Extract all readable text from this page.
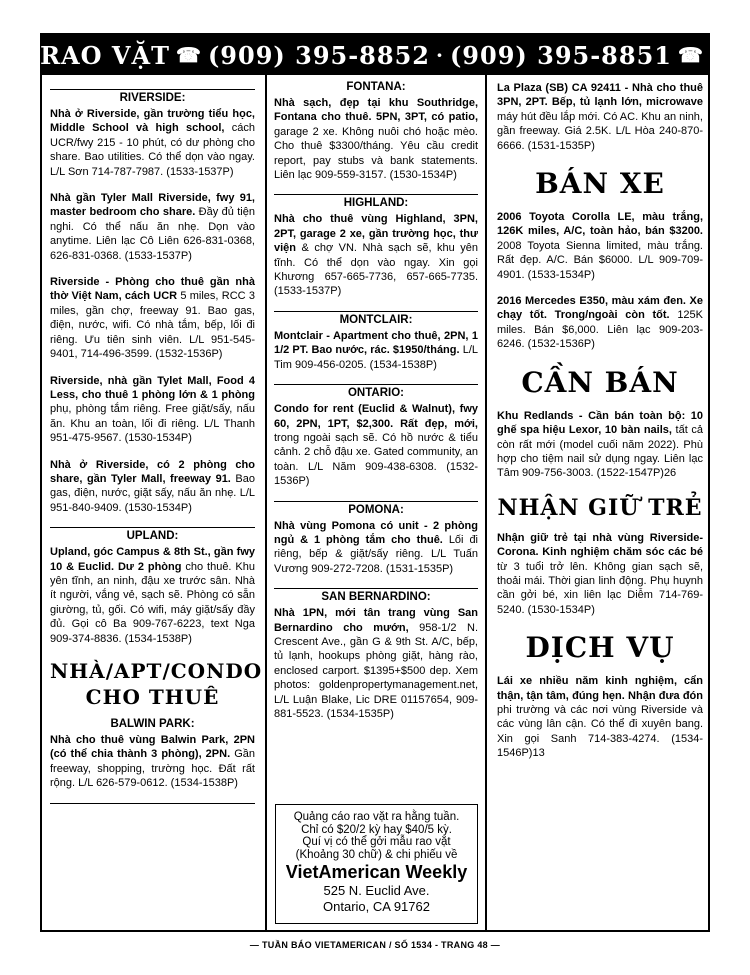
RAO VẶT ☎ (909) 395-8852 · (909) 395-8851 ☎
RIVERSIDE:

Nhà ở Riverside, gần trường tiểu học, Middle School và high school, cách UCR/fwy 215 - 10 phút, có dư phòng cho share. Bao utilities. Có thể dọn vào ngay. L/L Sơn 714-787-7987. (1533-1537P)

Nhà gần Tyler Mall Riverside, fwy 91, master bedroom cho share. Đầy đủ tiện nghi. Có thể nấu ăn nhẹ. Dọn vào anytime. Liên lạc Cô Liên 626-831-0368, 626-831-0368. (1533-1537P)

Riverside - Phòng cho thuê gần nhà thờ Việt Nam, cách UCR 5 miles, RCC 3 miles, gần chợ, freeway 91. Bao gas, điện, nước, wifi. Có nhà tắm, bếp, lối đi riêng. Ưu tiên sinh viên. L/L 951-545-9401, 714-496-3599. (1532-1536P)

Riverside, nhà gần Tylet Mall, Food 4 Less, cho thuê 1 phòng lớn & 1 phòng phụ, phòng tắm riêng. Free giặt/sấy, nấu ăn. Khu an toàn, lối đi riêng. L/L Thanh 951-475-9567. (1530-1534P)

Nhà ở Riverside, có 2 phòng cho share, gần Tyler Mall, freeway 91. Bao gas, điện, nước, giặt sấy, nấu ăn nhẹ. L/L 951-840-9409. (1530-1534P)

UPLAND:

Upland, góc Campus & 8th St., gần fwy 10 & Euclid. Dư 2 phòng cho thuê. Khu yên tĩnh, an ninh, đậu xe trước sân. Nhà ít người, vắng vẻ, sạch sẽ. Phòng có sẵn giường, tủ, gối. Có wifi, máy giặt/sấy đầy đủ. Gọi cô Ba 909-767-6223, text Nga 909-374-8836. (1534-1538P)

NHÀ/APT/CONDO
CHO THUÊ
BALWIN PARK:

Nhà cho thuê vùng Balwin Park, 2PN (có thể chia thành 3 phòng), 2PN. Gần freeway, shopping, trường học. Đất rất rộng. L/L 626-579-0612. (1534-1538P)

FONTANA:

Nhà sạch, đẹp tại khu Southridge, Fontana cho thuê. 5PN, 3PT, có patio, garage 2 xe. Không nuôi chó hoặc mèo. Cho thuê $3300/tháng. Yêu cầu credit report, pay stubs và bank statements. Liên lạc 909-559-3157. (1530-1534P)

HIGHLAND:

Nhà cho thuê vùng Highland, 3PN, 2PT, garage 2 xe, gần trường học, thư viện & chợ VN. Nhà sạch sẽ, khu yên tĩnh. Có thể dọn vào ngay. Xin gọi Khương 657-665-7736, 657-665-7735. (1533-1537P)

MONTCLAIR:

Montclair - Apartment cho thuê, 2PN, 1 1/2 PT. Bao nước, rác. $1950/tháng. L/L Tim 909-456-0205. (1534-1538P)

ONTARIO:

Condo for rent (Euclid & Walnut), fwy 60, 2PN, 1PT, $2,300. Rất đẹp, mới, trong ngoài sạch sẽ. Có hồ nước & tiểu cảnh. 2 chỗ đậu xe. Gated community, an toàn. L/L Năm 909-438-6308. (1532-1536P)

POMONA:

Nhà vùng Pomona có unit - 2 phòng ngủ & 1 phòng tắm cho thuê. Lối đi riêng, bếp & giặt/sấy riêng. L/L Tuấn Vương 909-272-7208. (1531-1535P)

SAN BERNARDINO:

Nhà 1PN, mới tân trang vùng San Bernardino cho mướn, 958-1/2 N. Crescent Ave., gần G & 9th St. A/C, bếp, tủ lạnh, hookups phòng giặt, hàng rào, enclosed carport. $1395+$500 dep. Xem photos: goldenpropertymanagement.net, L/L Luận Blake, Lic DRE 01157654, 909-881-5523. (1534-1535P)

Quảng cáo rao vặt ra hằng tuần.
Chỉ có $20/2 kỳ hay $40/5 kỳ.
Quí vị có thể gởi mẫu rao vặt
(Khoảng 30 chữ) & chi phiếu về
VietAmerican Weekly
525 N. Euclid Ave.
Ontario, CA 91762

La Plaza (SB) CA 92411 - Nhà cho thuê 3PN, 2PT. Bếp, tủ lạnh lớn, microwave máy hút đều lắp mới. Có AC. Khu an ninh, gần freeway. Giá 2.5K. L/L Hòa 240-870-6666. (1531-1535P)

BÁN XE

2006 Toyota Corolla LE, màu trắng, 126K miles, A/C, toàn hảo, bán $3200. 2008 Toyota Sienna limited, màu trắng. Rất đẹp. A/C. Bán $6000. L/L 909-709-4901. (1533-1534P)

2016 Mercedes E350, màu xám đen. Xe chạy tốt. Trong/ngoài còn tốt. 125K miles. Bán $6,000. Liên lạc 909-203-6246. (1532-1536P)

CẦN BÁN

Khu Redlands - Cần bán toàn bộ: 10 ghế spa hiệu Lexor, 10 bàn nails, tất cả còn rất mới (model cuối năm 2022). Phù hợp cho tiệm nail sử dụng ngay. Liên lạc Tâm 909-756-3003. (1522-1547P)26

NHẬN GIỮ TRẺ

Nhận giữ trẻ tại nhà vùng Riverside-Corona. Kinh nghiệm chăm sóc các bé từ 3 tuổi trở lên. Không gian sạch sẽ, thoải mái. Thời gian linh động. Phụ huynh cần gởi bé, xin liên lạc Diễm 714-769-5240. (1530-1534P)

DỊCH VỤ

Lái xe nhiều năm kinh nghiệm, cẩn thận, tận tâm, đúng hẹn. Nhận đưa đón phi trường và các nơi vùng Riverside và các vùng lân cận. Có thể đi xuyên bang. Xin gọi Sanh 714-383-4274. (1534-1546P)13

— TUẦN BÁO VIETAMERICAN / SỐ 1534 - TRANG 48 —
